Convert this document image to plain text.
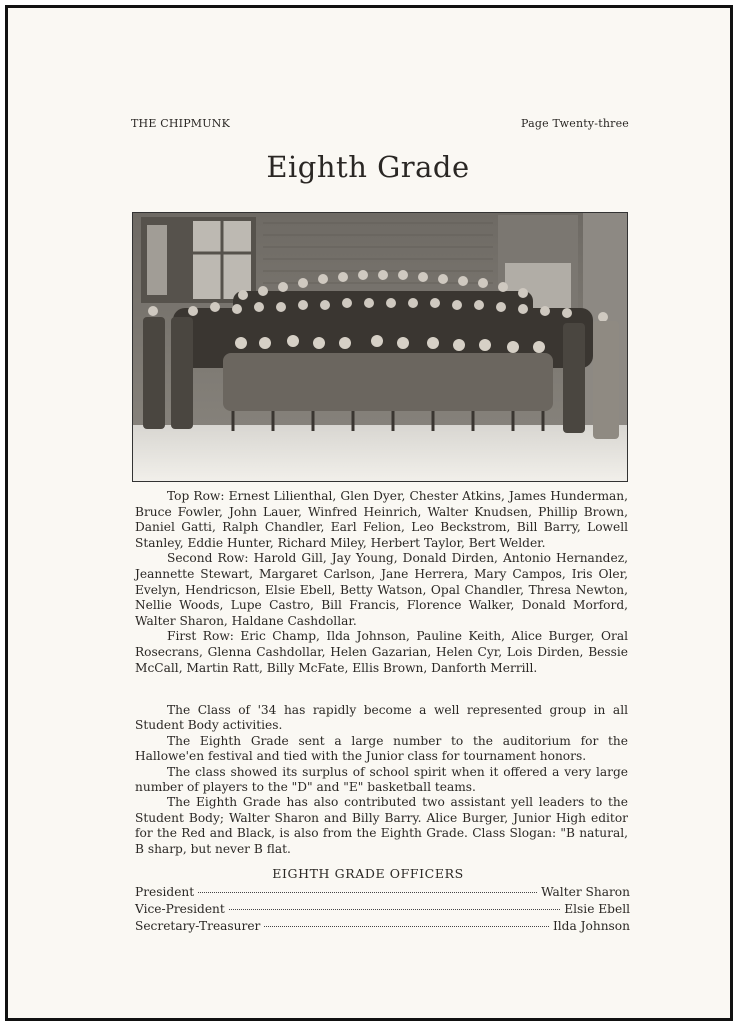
THE CHIPMUNK	Page Twenty-three
Eighth Grade

Top Row: Ernest Lilienthal, Glen Dyer, Chester Atkins, James Hunderman, Bruce Fowler, John Lauer, Winfred Heinrich, Walter Knudsen, Phillip Brown, Daniel Gatti, Ralph Chandler, Earl Felion, Leo Beckstrom, Bill Barry, Lowell Stanley, Eddie Hunter, Richard Miley, Herbert Taylor, Bert Welder.

Second Row: Harold Gill, Jay Young, Donald Dirden, Antonio Hernandez, Jeannette Stewart, Margaret Carlson, Jane Herrera, Mary Campos, Iris Oler, Evelyn, Hendricson, Elsie Ebell, Betty Watson, Opal Chandler, Thresa Newton, Nellie Woods, Lupe Castro, Bill Francis, Florence Walker, Donald Morford, Walter Sharon, Haldane Cashdollar.

First Row: Eric Champ, Ilda Johnson, Pauline Keith, Alice Burger, Oral Rosecrans, Glenna Cashdollar, Helen Gazarian, Helen Cyr, Lois Dirden, Bessie McCall, Martin Ratt, Billy McFate, Ellis Brown, Danforth Merrill.

The Class of '34 has rapidly become a well represented group in all Student Body activities.

The Eighth Grade sent a large number to the auditorium for the Hallowe'en festival and tied with the Junior class for tournament honors.

The class showed its surplus of school spirit when it offered a very large number of players to the "D" and "E" basketball teams.

The Eighth Grade has also contributed two assistant yell leaders to the Student Body; Walter Sharon and Billy Barry. Alice Burger, Junior High editor for the Red and Black, is also from the Eighth Grade. Class Slogan: "B natural, B sharp, but never B flat.

EIGHTH GRADE OFFICERS
President	Walter Sharon
Vice-President	Elsie Ebell
Secretary-Treasurer	Ilda Johnson
